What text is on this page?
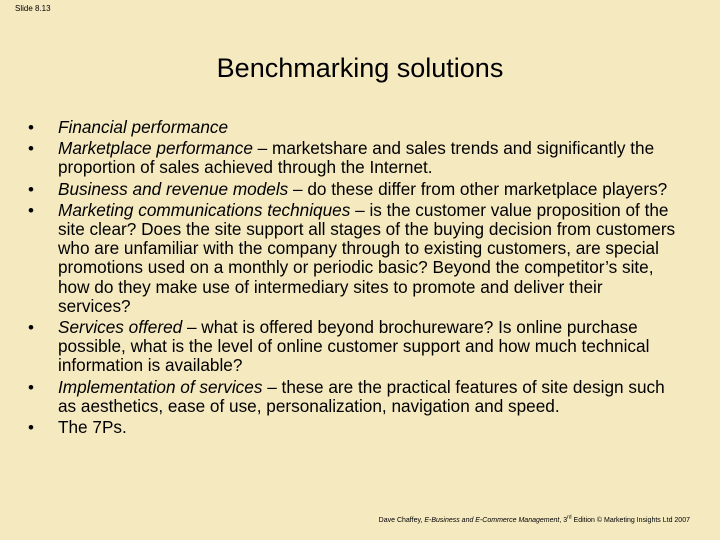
Slide 8.13
Benchmarking solutions
• Financial performance
• Marketplace performance – marketshare and sales trends and significantly the proportion of sales achieved through the Internet.
• Business and revenue models – do these differ from other marketplace players?
• Marketing communications techniques – is the customer value proposition of the site clear? Does the site support all stages of the buying decision from customers who are unfamiliar with the company through to existing customers, are special promotions used on a monthly or periodic basic? Beyond the competitor’s site, how do they make use of intermediary sites to promote and deliver their services?
• Services offered – what is offered beyond brochureware? Is online purchase possible, what is the level of online customer support and how much technical information is available?
• Implementation of services – these are the practical features of site design such as aesthetics, ease of use, personalization, navigation and speed.
• The 7Ps.
Dave Chaffey, E-Business and E-Commerce Management, 3rd Edition © Marketing Insights Ltd 2007
